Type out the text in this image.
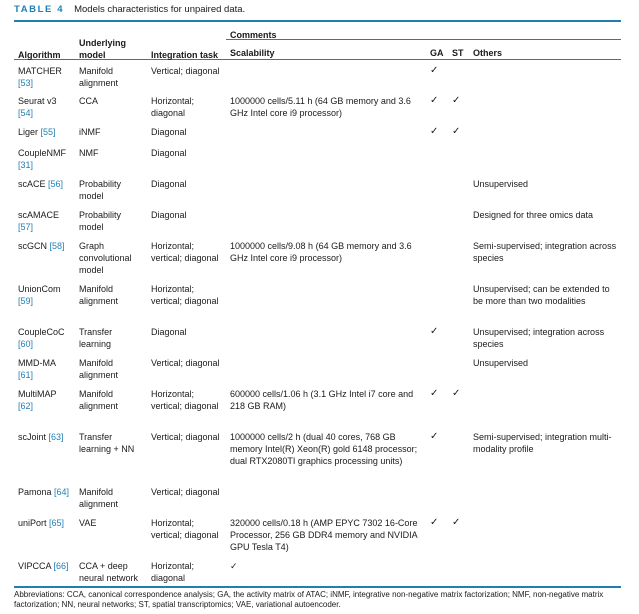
TABLE 4 Models characteristics for unpaired data.
Algorithm	Underlying model	Integration task	Comments			
			Scalability	GA	ST	Others
MATCHER [53]	Manifold alignment	Vertical; diagonal		✓		
Seurat v3 [54]	CCA	Horizontal; diagonal	1000000 cells/5.11 h (64 GB memory and 3.6 GHz Intel core i9 processor)	✓	✓	
Liger [55]	iNMF	Diagonal		✓	✓	
CoupleNMF [31]	NMF	Diagonal				
scACE [56]	Probability model	Diagonal				Unsupervised
scAMACE [57]	Probability model	Diagonal				Designed for three omics data
scGCN [58]	Graph convolutional model	Horizontal; vertical; diagonal	1000000 cells/9.08 h (64 GB memory and 3.6 GHz Intel core i9 processor)			Semi-supervised; integration across species
UnionCom [59]	Manifold alignment	Horizontal; vertical; diagonal				Unsupervised; can be extended to be more than two modalities
CoupleCoC [60]	Transfer learning	Diagonal		✓		Unsupervised; integration across species
MMD-MA [61]	Manifold alignment	Vertical; diagonal				Unsupervised
MultiMAP [62]	Manifold alignment	Horizontal; vertical; diagonal	600000 cells/1.06 h (3.1 GHz Intel i7 core and 218 GB RAM)	✓	✓	
scJoint [63]	Transfer learning + NN	Vertical; diagonal	1000000 cells/2 h (dual 40 cores, 768 GB memory Intel(R) Xeon(R) gold 6148 processor; dual RTX2080TI graphics processing units)	✓		Semi-supervised; integration multi-modality profile
Pamona [64]	Manifold alignment	Vertical; diagonal				
uniPort [65]	VAE	Horizontal; vertical; diagonal	320000 cells/0.18 h (AMP EPYC 7302 16-Core Processor, 256 GB DDR4 memory and NVIDIA GPU Tesla T4)	✓	✓	
VIPCCA [66]	CCA + deep neural network	Horizontal; diagonal	✓			
Abbreviations: CCA, canonical correspondence analysis; GA, the activity matrix of ATAC; iNMF, integrative non-negative matrix factorization; NMF, non-negative matrix factorization; NN, neural networks; ST, spatial transcriptomics; VAE, variational autoencoder.
